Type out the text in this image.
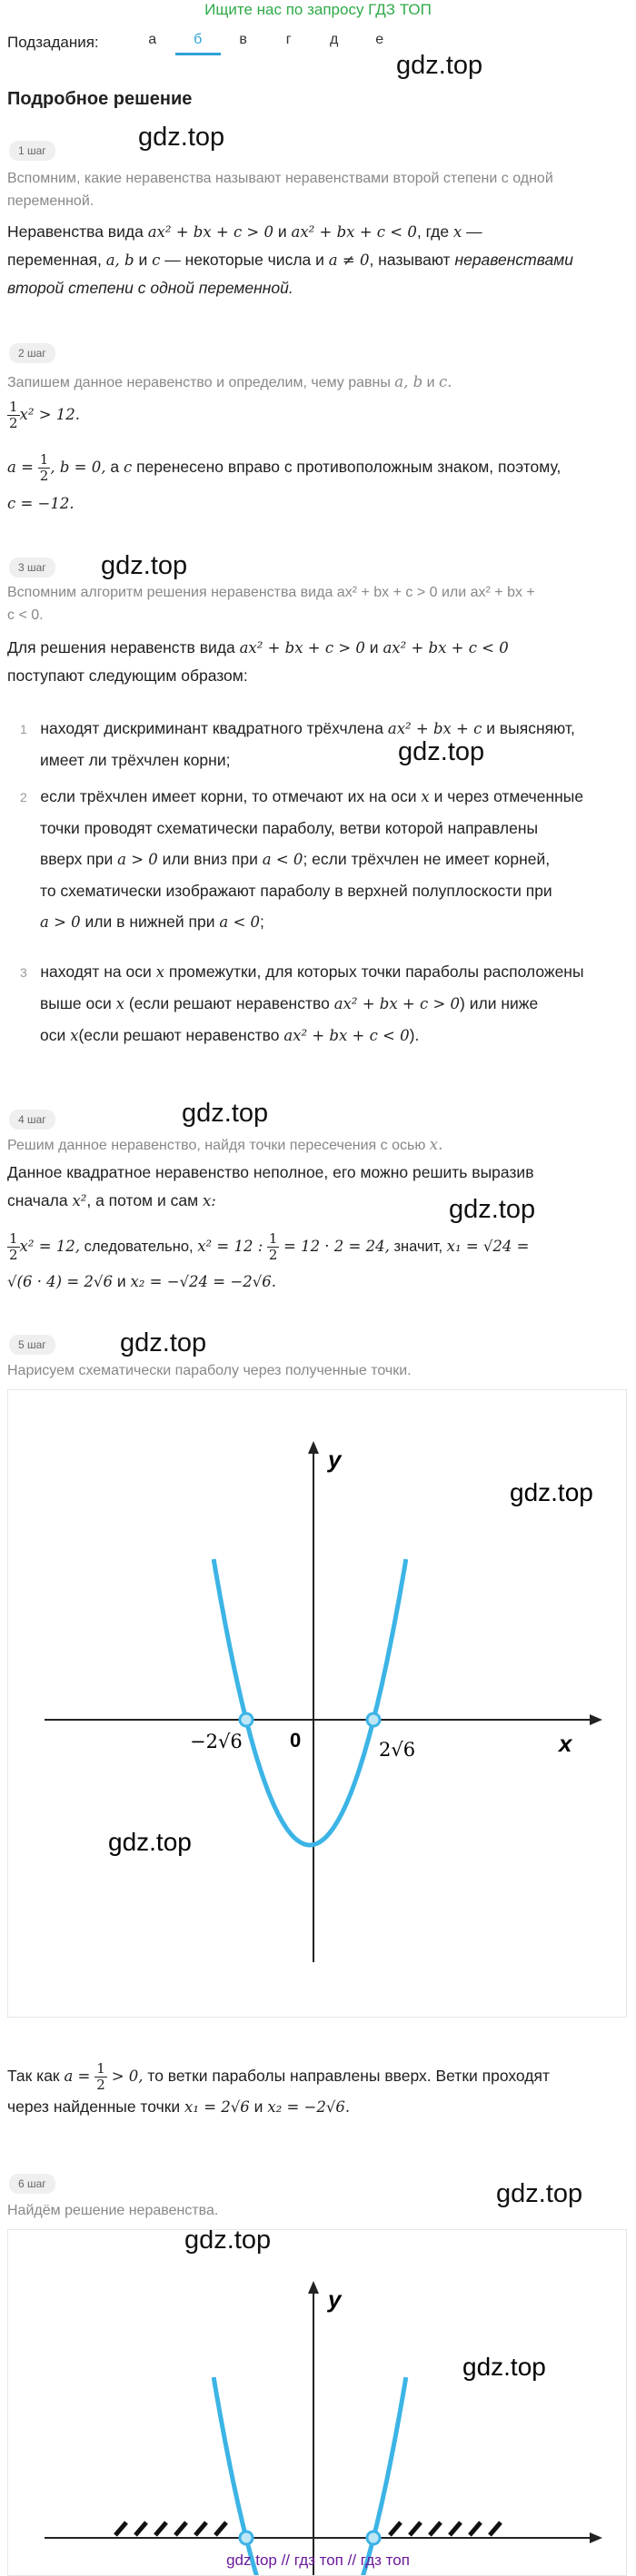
Ищите нас по запросу ГДЗ ТОП
Подзадания:	а	б	в	г	д	е
gdz.top
Подробное решение
gdz.top
1 шаг
Вспомним, какие неравенства называют неравенствами второй степени с одной переменной.
Неравенства вида ax² + bx + c > 0 и ax² + bx + c < 0, где x —
переменная, a, b и c — некоторые числа и a ≠ 0, называют неравенствами второй степени с одной переменной.
2 шаг
Запишем данное неравенство и определим, чему равны a, b и c.
$\frac{1}{2} x^2 > 12$.
$a = \frac{1}{2}$ , b = 0, а c перенесено вправо с противоположным знаком, поэтому,
c = −12.
gdz.top
3 шаг
Вспомним алгоритм решения неравенства вида ax² + bx + c > 0 или ax² + bx +
c < 0.
Для решения неравенств вида ax² + bx + c > 0 и ax² + bx + c < 0
поступают следующим образом:
1 находят дискриминант квадратного трёхчлена ax² + bx + c и выясняют,
имеет ли трёхчлен корни;	gdz.top
2 если трёхчлен имеет корни, то отмечают их на оси x и через отмеченные
точки проводят схематически параболу, ветви которой направлены
вверх при a > 0 или вниз при a < 0; если трёхчлен не имеет корней,
то схематически изображают параболу в верхней полуплоскости при
a > 0 или в нижней при a < 0;
3 находят на оси x промежутки, для которых точки параболы расположены
выше оси x (если решают неравенство ax² + bx + c > 0) или ниже
оси x(если решают неравенство ax² + bx + c < 0).
gdz.top
4 шаг
Решим данное неравенство, найдя точки пересечения с осью x.
Данное квадратное неравенство неполное, его можно решить выразив
сначала x², а потом и сам x:	gdz.top
$\frac{1}{2} x^2 = 12$, следовательно, x² = 12 : $\frac{1}{2} = 12 \cdot 2 = 24$, значит, x₁ = √24 =
√(6 · 4) = 2√6 и x₂ = −√24 = −2√6.
gdz.top
5 шаг
Нарисуем схематически параболу через полученные точки.
y
x
0
−2√6	2√6
gdz.top
gdz.top
Так как $a = \frac{1}{2} > 0$, то ветки параболы направлены вверх. Ветки проходят
через найденные точки x₁ = 2√6 и x₂ = −2√6.
6 шаг	gdz.top
Найдём решение неравенства.
gdz.top
y
gdz.top
gdz top // гдз топ // гдз топ
